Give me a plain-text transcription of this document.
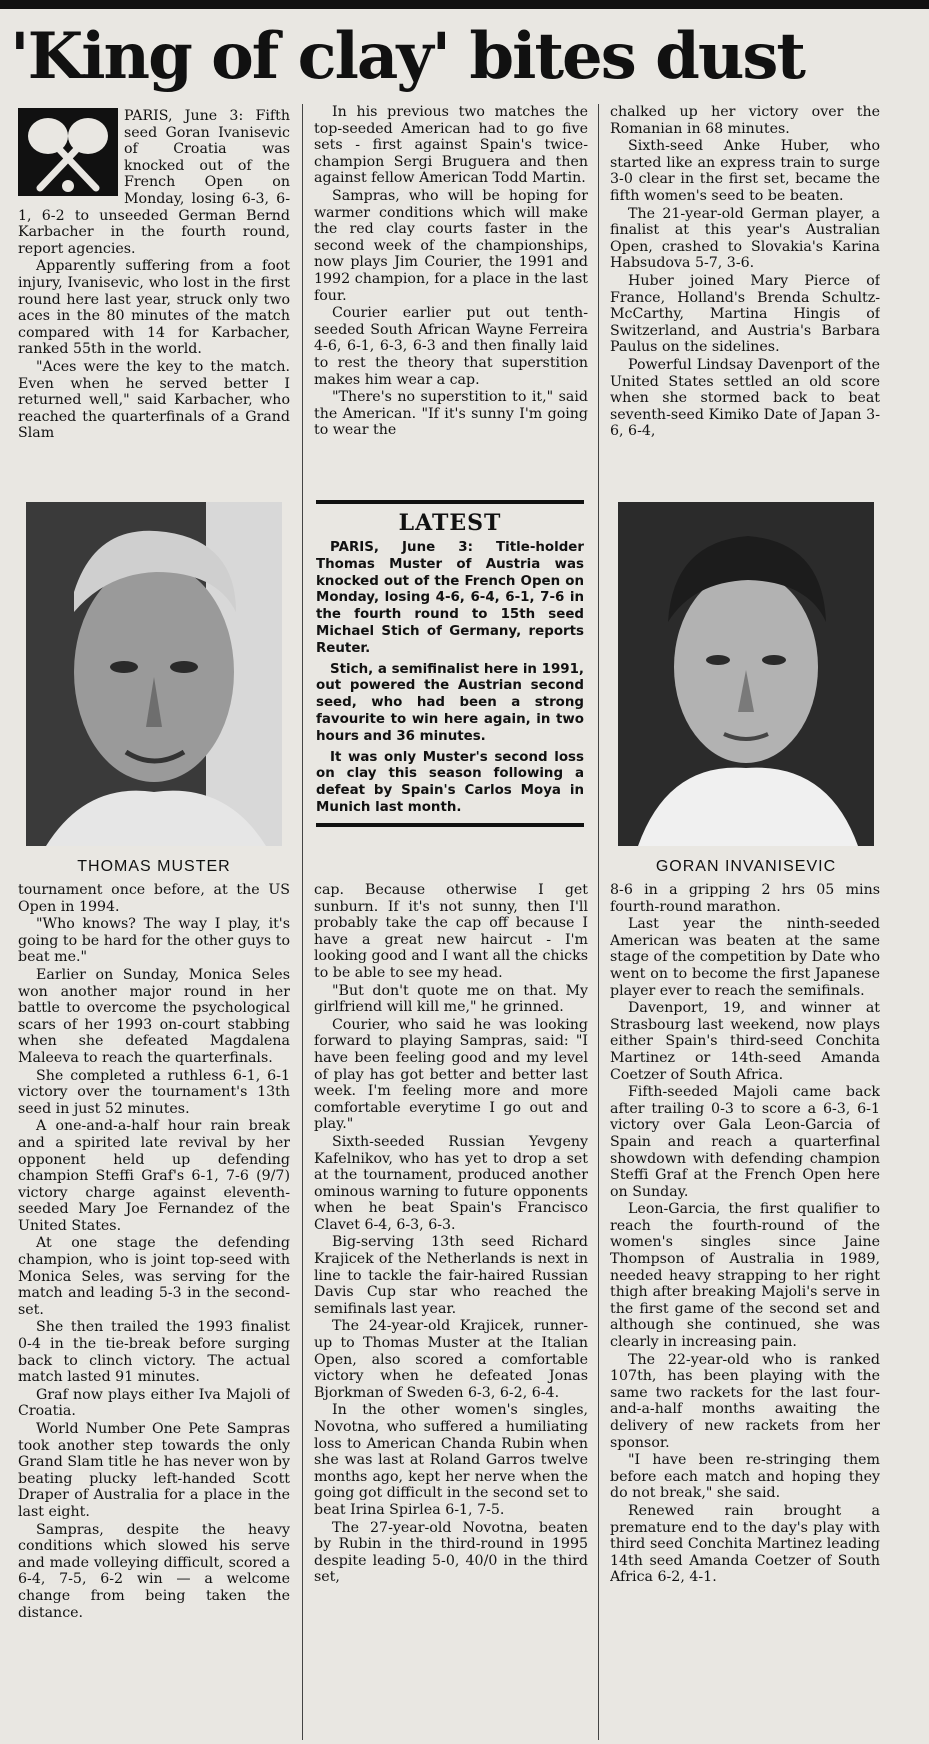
'King of clay' bites dust

PARIS, June 3: Fifth seed Goran Ivanisevic of Croatia was knocked out of the French Open on Monday, losing 6-3, 6-1, 6-2 to unseeded German Bernd Karbacher in the fourth round, report agencies.

Apparently suffering from a foot injury, Ivanisevic, who lost in the first round here last year, struck only two aces in the 80 minutes of the match compared with 14 for Karbacher, ranked 55th in the world.

"Aces were the key to the match. Even when he served better I returned well," said Karbacher, who reached the quarterfinals of a Grand Slam

In his previous two matches the top-seeded American had to go five sets - first against Spain's twice-champion Sergi Bruguera and then against fellow American Todd Martin.

Sampras, who will be hoping for warmer conditions which will make the red clay courts faster in the second week of the championships, now plays Jim Courier, the 1991 and 1992 champion, for a place in the last four.

Courier earlier put out tenth-seeded South African Wayne Ferreira 4-6, 6-1, 6-3, 6-3 and then finally laid to rest the theory that superstition makes him wear a cap.

"There's no superstition to it," said the American. "If it's sunny I'm going to wear the

chalked up her victory over the Romanian in 68 minutes.

Sixth-seed Anke Huber, who started like an express train to surge 3-0 clear in the first set, became the fifth women's seed to be beaten.

The 21-year-old German player, a finalist at this year's Australian Open, crashed to Slovakia's Karina Habsudova 5-7, 3-6.

Huber joined Mary Pierce of France, Holland's Brenda Schultz-McCarthy, Martina Hingis of Switzerland, and Austria's Barbara Paulus on the sidelines.

Powerful Lindsay Davenport of the United States settled an old score when she stormed back to beat seventh-seed Kimiko Date of Japan 3-6, 6-4,

THOMAS MUSTER
LATEST

PARIS, June 3: Title-holder Thomas Muster of Austria was knocked out of the French Open on Monday, losing 4-6, 6-4, 6-1, 7-6 in the fourth round to 15th seed Michael Stich of Germany, reports Reuter.

Stich, a semifinalist here in 1991, out powered the Austrian second seed, who had been a strong favourite to win here again, in two hours and 36 minutes.

It was only Muster's second loss on clay this season following a defeat by Spain's Carlos Moya in Munich last month.

GORAN INVANISEVIC

tournament once before, at the US Open in 1994.

"Who knows? The way I play, it's going to be hard for the other guys to beat me."

Earlier on Sunday, Monica Seles won another major round in her battle to overcome the psychological scars of her 1993 on-court stabbing when she defeated Magdalena Maleeva to reach the quarterfinals.

She completed a ruthless 6-1, 6-1 victory over the tournament's 13th seed in just 52 minutes.

A one-and-a-half hour rain break and a spirited late revival by her opponent held up defending champion Steffi Graf's 6-1, 7-6 (9/7) victory charge against eleventh-seeded Mary Joe Fernandez of the United States.

At one stage the defending champion, who is joint top-seed with Monica Seles, was serving for the match and leading 5-3 in the second-set.

She then trailed the 1993 finalist 0-4 in the tie-break before surging back to clinch victory. The actual match lasted 91 minutes.

Graf now plays either Iva Majoli of Croatia.

World Number One Pete Sampras took another step towards the only Grand Slam title he has never won by beating plucky left-handed Scott Draper of Australia for a place in the last eight.

Sampras, despite the heavy conditions which slowed his serve and made volleying difficult, scored a 6-4, 7-5, 6-2 win — a welcome change from being taken the distance.

cap. Because otherwise I get sunburn. If it's not sunny, then I'll probably take the cap off because I have a great new haircut - I'm looking good and I want all the chicks to be able to see my head.

"But don't quote me on that. My girlfriend will kill me," he grinned.

Courier, who said he was looking forward to playing Sampras, said: "I have been feeling good and my level of play has got better and better last week. I'm feeling more and more comfortable everytime I go out and play."

Sixth-seeded Russian Yevgeny Kafelnikov, who has yet to drop a set at the tournament, produced another ominous warning to future opponents when he beat Spain's Francisco Clavet 6-4, 6-3, 6-3.

Big-serving 13th seed Richard Krajicek of the Netherlands is next in line to tackle the fair-haired Russian Davis Cup star who reached the semifinals last year.

The 24-year-old Krajicek, runner-up to Thomas Muster at the Italian Open, also scored a comfortable victory when he defeated Jonas Bjorkman of Sweden 6-3, 6-2, 6-4.

In the other women's singles, Novotna, who suffered a humiliating loss to American Chanda Rubin when she was last at Roland Garros twelve months ago, kept her nerve when the going got difficult in the second set to beat Irina Spirlea 6-1, 7-5.

The 27-year-old Novotna, beaten by Rubin in the third-round in 1995 despite leading 5-0, 40/0 in the third set,

8-6 in a gripping 2 hrs 05 mins fourth-round marathon.

Last year the ninth-seeded American was beaten at the same stage of the competition by Date who went on to become the first Japanese player ever to reach the semifinals.

Davenport, 19, and winner at Strasbourg last weekend, now plays either Spain's third-seed Conchita Martinez or 14th-seed Amanda Coetzer of South Africa.

Fifth-seeded Majoli came back after trailing 0-3 to score a 6-3, 6-1 victory over Gala Leon-Garcia of Spain and reach a quarterfinal showdown with defending champion Steffi Graf at the French Open here on Sunday.

Leon-Garcia, the first qualifier to reach the fourth-round of the women's singles since Jaine Thompson of Australia in 1989, needed heavy strapping to her right thigh after breaking Majoli's serve in the first game of the second set and although she continued, she was clearly in increasing pain.

The 22-year-old who is ranked 107th, has been playing with the same two rackets for the last four-and-a-half months awaiting the delivery of new rackets from her sponsor.

"I have been re-stringing them before each match and hoping they do not break," she said.

Renewed rain brought a premature end to the day's play with third seed Conchita Martinez leading 14th seed Amanda Coetzer of South Africa 6-2, 4-1.
